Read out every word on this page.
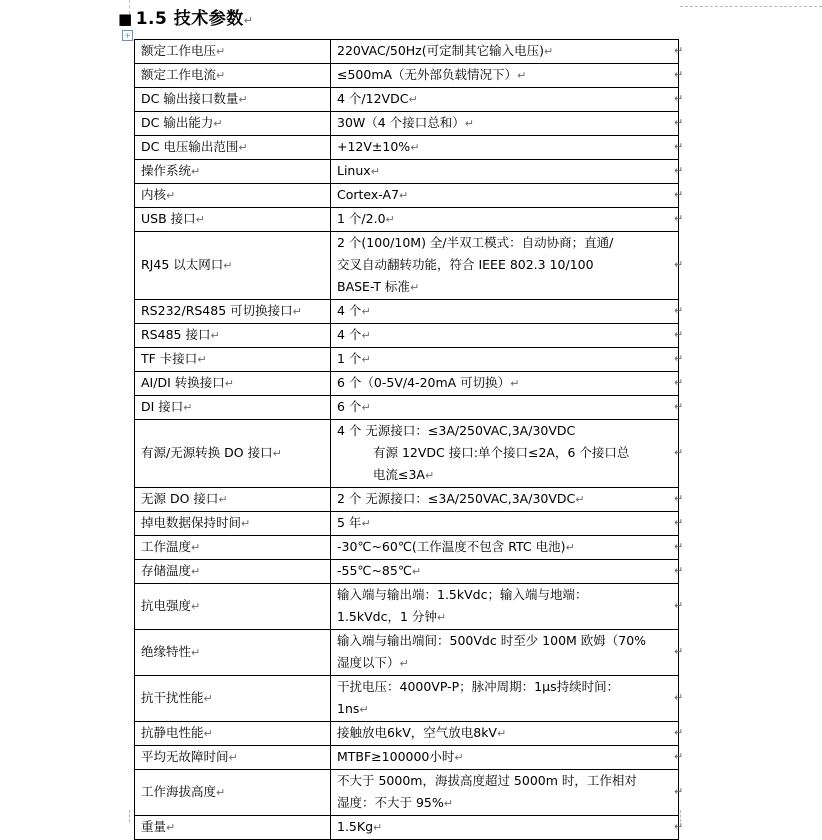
■ 1.5 技术参数↵
+
额定工作电压↵	220VAC/50Hz(可定制其它输入电压)↵

额定工作电流↵	≤500mA（无外部负载情况下）↵

DC 输出接口数量↵	4 个/12VDC↵

DC 输出能力↵	30W（4 个接口总和）↵

DC 电压输出范围↵	+12V±10%↵

操作系统↵	Linux↵

内核↵	Cortex-A7↵

USB 接口↵	1 个/2.0↵

RJ45 以太网口↵	2 个(100/10M) 全/半双工模式：自动协商；直通/
交叉自动翻转功能，符合 IEEE 802.3 10/100
BASE-T 标准↵

RS232/RS485 可切换接口↵	4 个↵

RS485 接口↵	4 个↵

TF 卡接口↵	1 个↵

AI/DI 转换接口↵	6 个（0-5V/4-20mA 可切换）↵

DI 接口↵	6 个↵

有源/无源转换 DO 接口↵	4 个 无源接口：≤3A/250VAC,3A/30VDC
有源 12VDC 接口:单个接口≤2A，6 个接口总
电流≤3A↵

无源 DO 接口↵	2 个 无源接口：≤3A/250VAC,3A/30VDC↵

掉电数据保持时间↵	5 年↵

工作温度↵	-30℃~60℃(工作温度不包含 RTC 电池)↵

存储温度↵	-55℃~85℃↵

抗电强度↵	输入端与输出端：1.5kVdc；输入端与地端：
1.5kVdc，1 分钟↵

绝缘特性↵	输入端与输出端间：500Vdc 时至少 100M 欧姆（70%
湿度以下）↵

抗干扰性能↵	干扰电压：4000VP-P；脉冲周期：1μs持续时间：
1ns↵

抗静电性能↵	接触放电6kV，空气放电8kV↵

平均无故障时间↵	MTBF≥100000小时↵

工作海拔高度↵	不大于 5000m，海拔高度超过 5000m 时，工作相对
湿度：不大于 95%↵

重量↵	1.5Kg↵
↵
↵
↵
↵
↵
↵
↵
↵
↵
↵
↵
↵
↵
↵
↵
↵
↵
↵
↵
↵
↵
↵
↵
↵
↵
↵
